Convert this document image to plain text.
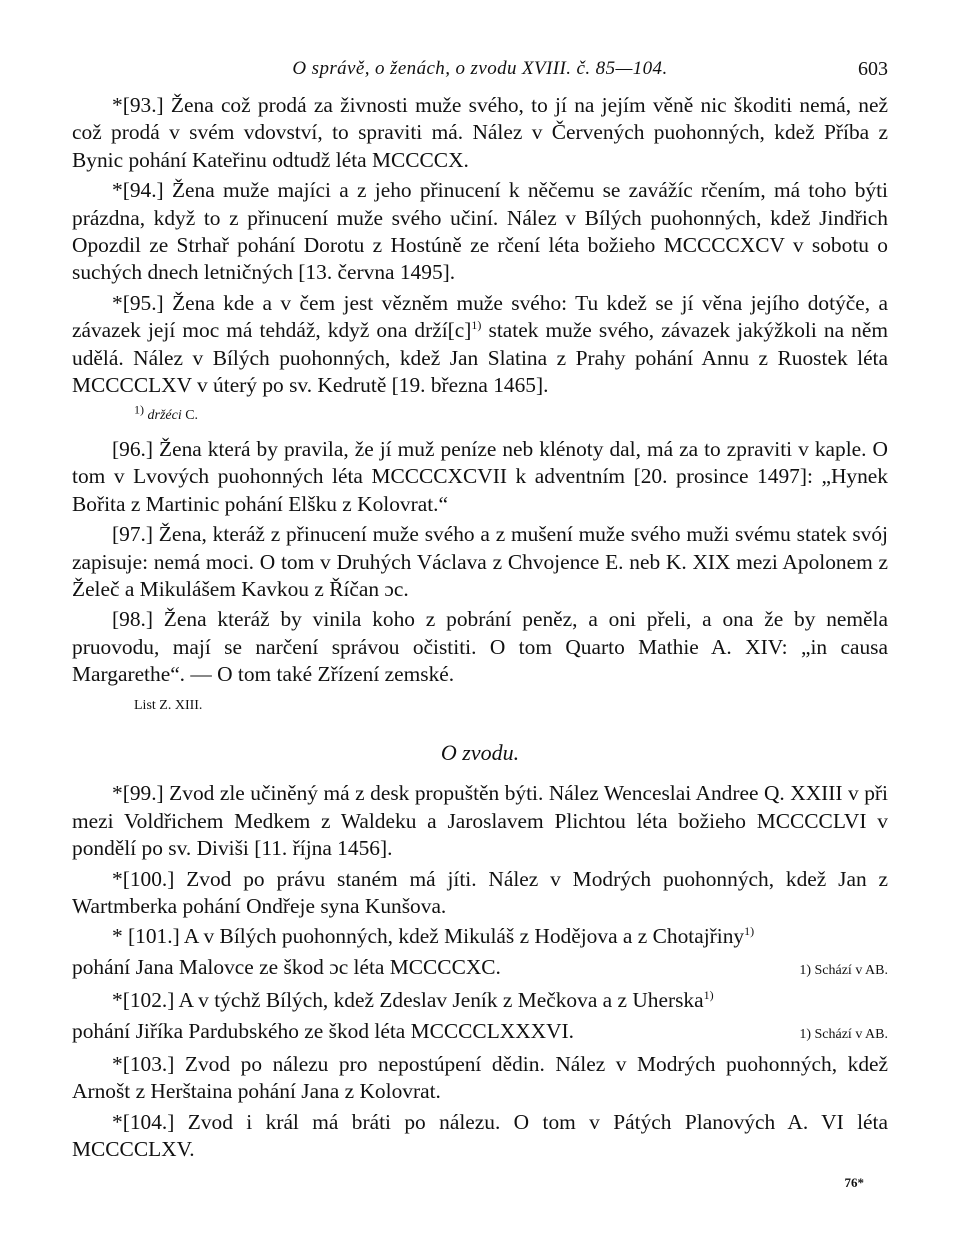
O správě, o ženách, o zvodu XVIII. č. 85—104.	603

*[93.] Žena což prodá za živnosti muže svého, to jí na jejím věně nic škoditi nemá, než což prodá v svém vdovství, to spraviti má. Nález v Červených puohonných, kdež Příba z Bynic pohání Kateřinu odtudž léta MCCCCX.

*[94.] Žena muže majíci a z jeho přinucení k něčemu se zavážíc rčením, má toho býti prázdna, když to z přinucení muže svého učiní. Nález v Bílých puohonných, kdež Jindřich Opozdil ze Strhař pohání Dorotu z Hostúně ze rčení léta božieho MCCCCXCV v sobotu o suchých dnech letničných [13. června 1495].

*[95.] Žena kde a v čem jest vězněm muže svého: Tu kdež se jí věna jejího dotýče, a závazek její moc má tehdáž, když ona $drží[c]^{1)}$ statek muže svého, závazek jakýžkoli na něm udělá. Nález v Bílých puohonných, kdež Jan Slatina z Prahy pohání Annu z Ruostek léta MCCCCLXV v úterý po sv. Kedrutě [19. března 1465].

1) držéci C.

[96.] Žena která by pravila, že jí muž peníze neb klénoty dal, má za to zpraviti v kaple. O tom v Lvových puohonných léta MCCCCXCVII k adventním [20. prosince 1497]: „Hynek Bořita z Martinic pohání Elšku z Kolovrat.“

[97.] Žena, kteráž z přinucení muže svého a z mušení muže svého muži svému statek svój zapisuje: nemá moci. O tom v Druhých Václava z Chvojence E. neb K. XIX mezi Apolonem z Želeč a Mikulášem Kavkou z Říčan ɔc.

[98.] Žena kteráž by vinila koho z pobrání peněz, a oni přeli, a ona že by neměla pruovodu, mají se narčení správou očistiti. O tom Quarto Mathie A. XIV: „in causa Margarethe“. — O tom také Zřízení zemské.

List Z. XIII.
O zvodu.

*[99.] Zvod zle učiněný má z desk propuštěn býti. Nález Wenceslai Andree Q. XXIII v při mezi Voldřichem Medkem z Waldeku a Jaroslavem Plichtou léta božieho MCCCCLVI v pondělí po sv. Diviši [11. října 1456].

*[100.] Zvod po právu staném má jíti. Nález v Modrých puohonných, kdež Jan z Wartmberka pohání Ondřeje syna Kunšova.

* [101.] A v Bílých puohonných, kdež Mikuláš z Hodějova a z Chotajřiny$^{1)}$

pohání Jana Malovce ze škod ɔc léta MCCCCXC.	1) Schází v AB.

*[102.] A v týchž Bílých, kdež Zdeslav Jeník z Mečkova a z Uherska$^{1)}$

pohání Jiříka Pardubského ze škod léta MCCCCLXXXVI.	1) Schází v AB.

*[103.] Zvod po nálezu pro nepostúpení dědin. Nález v Modrých puohonných, kdež Arnošt z Herštaina pohání Jana z Kolovrat.

*[104.] Zvod i král má bráti po nálezu. O tom v Pátých Planových A. VI léta MCCCCLXV.

76*
